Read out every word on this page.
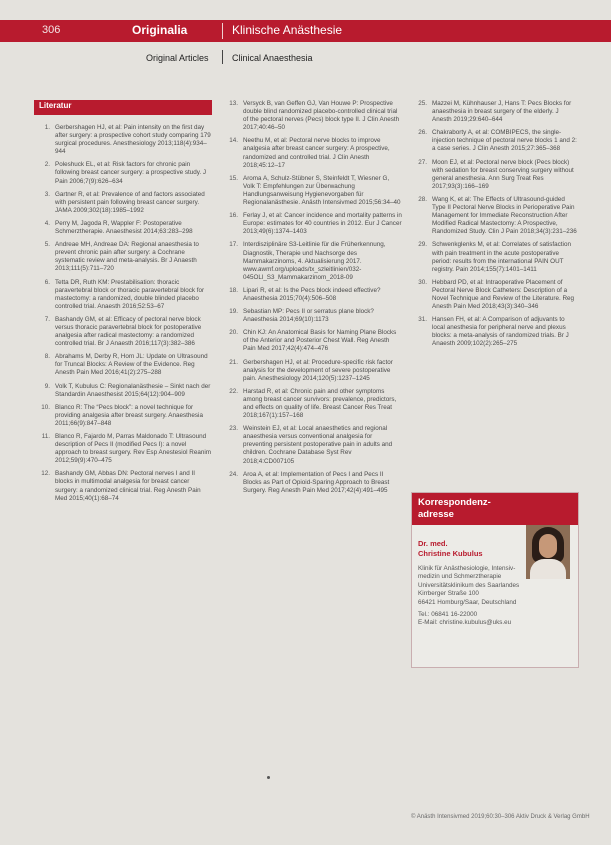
306	Originalia	Klinische Anästhesie
Original Articles	Clinical Anaesthesia
Literatur
1. Gerbershagen HJ, et al: Pain intensity on the first day after surgery: a prospective cohort study comparing 179 surgical procedures. Anesthesiology 2013;118(4):934–944
2. Poleshuck EL, et al: Risk factors for chronic pain following breast cancer surgery: a prospective study. J Pain 2006;7(9):626–634
3. Gartner R, et al: Prevalence of and factors associated with persistent pain following breast cancer surgery. JAMA 2009;302(18):1985–1992
4. Perry M, Jagoda R, Wappler F: Postoperative Schmerztherapie. Anaesthesist 2014;63:283–298
5. Andreae MH, Andreae DA: Regional anaesthesia to prevent chronic pain after surgery: a Cochrane systematic review and meta-analysis. Br J Anaesth 2013;111(5):711–720
6. Tetta DR, Ruth KM: Prestabilisation: thoracic paravertebral block or thoracic paravertebral block for mastectomy: a randomized, double blinded placebo controlled trial. Anaesth 2016;52:53–67
7. Bashandy GM, et al: Efficacy of pectoral nerve block versus thoracic paravertebral block for postoperative analgesia after radical mastectomy: a randomized controlled trial. Br J Anaesth 2016;117(3):382–386
8. Abrahams M, Derby R, Horn JL: Update on Ultrasound for Truncal Blocks: A Review of the Evidence. Reg Anesth Pain Med 2016;41(2):275–288
9. Volk T, Kubulus C: Regionalanästhesie – Sinkt nach der Standardin Anaesthesist 2015;64(12):904–909
10. Blanco R: The “Pecs block”: a novel technique for providing analgesia after breast surgery. Anaesthesia 2011;66(9):847–848
11. Blanco R, Fajardo M, Parras Maldonado T: Ultrasound description of Pecs II (modified Pecs I): a novel approach to breast surgery. Rev Esp Anestesiol Reanim 2012;59(9):470–475
12. Bashandy GM, Abbas DN: Pectoral nerves I and II blocks in multimodal analgesia for breast cancer surgery: a randomized clinical trial. Reg Anesth Pain Med 2015;40(1):68–74
13. Versyck B, van Geffen GJ, Van Houwe P: Prospective double blind randomized placebo-controlled clinical trial of the pectoral nerves (Pecs) block type II. J Clin Anesth 2017;40:46–50
14. Neethu M, et al: Pectoral nerve blocks to improve analgesia after breast cancer surgery: A prospective, randomized and controlled trial. J Clin Anesth 2018;45:12–17
15. Aroma A, Schulz-Stübner S, Steinfeldt T, Wiesner G, Volk T: Empfehlungen zur Überwachung Handlungsanweisung Hygienevorgaben für Regionalanästhesie. Anästh Intensivmed 2015;56:34–40
16. Ferlay J, et al: Cancer incidence and mortality patterns in Europe: estimates for 40 countries in 2012. Eur J Cancer 2013;49(6):1374–1403
17. Interdisziplinäre S3-Leitlinie für die Früherkennung, Diagnostik, Therapie und Nachsorge des Mammakarzinoms, 4. Aktualisierung 2017. www.awmf.org/uploads/tx_szleitlinien/032-045OLl_S3_Mammakarzinom_2018-09
18. Lipari R, et al: Is the Pecs block indeed effective? Anaesthesia 2015;70(4):506–508
19. Sebastian MP: Pecs II or serratus plane block? Anaesthesia 2014;69(10):1173
20. Chin KJ: An Anatomical Basis for Naming Plane Blocks of the Anterior and Posterior Chest Wall. Reg Anesth Pain Med 2017;42(4):474–476
21. Gerbershagen HJ, et al: Procedure-specific risk factor analysis for the development of severe postoperative pain. Anesthesiology 2014;120(5):1237–1245
22. Harstad R, et al: Chronic pain and other symptoms among breast cancer survivors: prevalence, predictors, and effects on quality of life. Breast Cancer Res Treat 2018;167(1):157–168
23. Weinstein EJ, et al: Local anaesthetics and regional anaesthesia versus conventional analgesia for preventing persistent postoperative pain in adults and children. Cochrane Database Syst Rev 2018;4:CD007105
24. Aroa A, et al: Implementation of Pecs I and Pecs II Blocks as Part of Opioid-Sparing Approach to Breast Surgery. Reg Anesth Pain Med 2017;42(4):491–495
25. Mazzei M, Kühnhauser J, Hans T: Pecs Blocks for anaesthesia in breast surgery of the elderly. J Anesth 2019;29:640–644
26. Chakraborty A, et al: COMBIPECS, the single-injection technique of pectoral nerve blocks 1 and 2: a case series. J Clin Anesth 2015;27:365–368
27. Moon EJ, et al: Pectoral nerve block (Pecs block) with sedation for breast conserving surgery without general anesthesia. Ann Surg Treat Res 2017;93(3):166–169
28. Wang K, et al: The Effects of Ultrasound-guided Type II Pectoral Nerve Blocks in Perioperative Pain Management for Immediate Reconstruction After Modified Radical Mastectomy: A Prospective, Randomized Study. Clin J Pain 2018;34(3):231–236
29. Schwenkglenks M, et al: Correlates of satisfaction with pain treatment in the acute postoperative period: results from the international PAIN OUT registry. Pain 2014;155(7):1401–1411
30. Hebbard PD, et al: Intraoperative Placement of Pectoral Nerve Block Catheters: Description of a Novel Technique and Review of the Literature. Reg Anesth Pain Med 2018;43(3):340–346
31. Hansen FH, et al: A Comparison of adjuvants to local anesthesia for peripheral nerve and plexus blocks: a meta-analysis of randomized trials. Br J Anaesth 2009;102(2):265–275
Korrespondenz-
adresse
Dr. med.
Christine Kubulus
Klinik für Anästhesiologie, Intensiv-
medizin und Schmerztherapie
Universitätsklinikum des Saarlandes
Kirrberger Straße 100
66421 Homburg/Saar, Deutschland
Tel.: 06841 16-22000
E-Mail: christine.kubulus@uks.eu
© Anästh Intensivmed 2019;60:30–306 Aktiv Druck & Verlag GmbH
